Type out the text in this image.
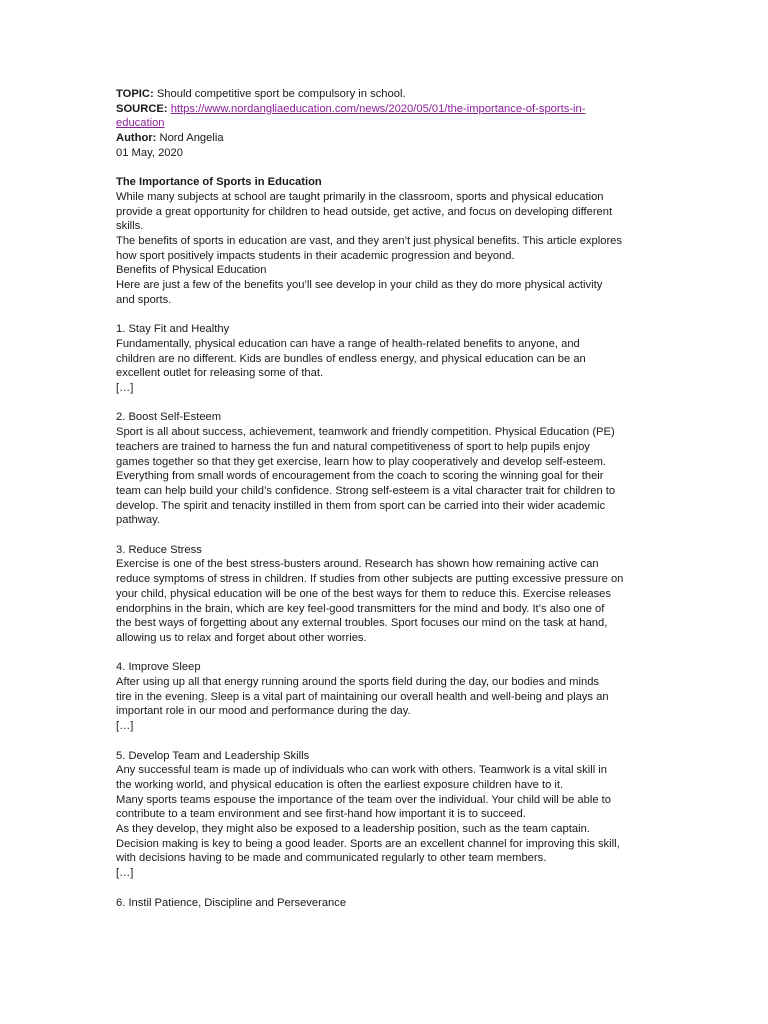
TOPIC: Should competitive sport be compulsory in school.
SOURCE: https://www.nordangliaeducation.com/news/2020/05/01/the-importance-of-sports-in-
education
Author: Nord Angelia
01 May, 2020
The Importance of Sports in Education
While many subjects at school are taught primarily in the classroom, sports and physical education
provide a great opportunity for children to head outside, get active, and focus on developing different
skills.
The benefits of sports in education are vast, and they aren’t just physical benefits. This article explores
how sport positively impacts students in their academic progression and beyond.
Benefits of Physical Education
Here are just a few of the benefits you’ll see develop in your child as they do more physical activity
and sports.
1. Stay Fit and Healthy
Fundamentally, physical education can have a range of health-related benefits to anyone, and
children are no different. Kids are bundles of endless energy, and physical education can be an
excellent outlet for releasing some of that.
[…]
2. Boost Self-Esteem
Sport is all about success, achievement, teamwork and friendly competition. Physical Education (PE)
teachers are trained to harness the fun and natural competitiveness of sport to help pupils enjoy
games together so that they get exercise, learn how to play cooperatively and develop self-esteem.
Everything from small words of encouragement from the coach to scoring the winning goal for their
team can help build your child’s confidence. Strong self-esteem is a vital character trait for children to
develop. The spirit and tenacity instilled in them from sport can be carried into their wider academic
pathway.
3. Reduce Stress
Exercise is one of the best stress-busters around. Research has shown how remaining active can
reduce symptoms of stress in children. If studies from other subjects are putting excessive pressure on
your child, physical education will be one of the best ways for them to reduce this. Exercise releases
endorphins in the brain, which are key feel-good transmitters for the mind and body. It’s also one of
the best ways of forgetting about any external troubles. Sport focuses our mind on the task at hand,
allowing us to relax and forget about other worries.
4. Improve Sleep
After using up all that energy running around the sports field during the day, our bodies and minds
tire in the evening. Sleep is a vital part of maintaining our overall health and well-being and plays an
important role in our mood and performance during the day.
[…]
5. Develop Team and Leadership Skills
Any successful team is made up of individuals who can work with others. Teamwork is a vital skill in
the working world, and physical education is often the earliest exposure children have to it.
Many sports teams espouse the importance of the team over the individual. Your child will be able to
contribute to a team environment and see first-hand how important it is to succeed.
As they develop, they might also be exposed to a leadership position, such as the team captain.
Decision making is key to being a good leader. Sports are an excellent channel for improving this skill,
with decisions having to be made and communicated regularly to other team members.
[…]
6. Instil Patience, Discipline and Perseverance
